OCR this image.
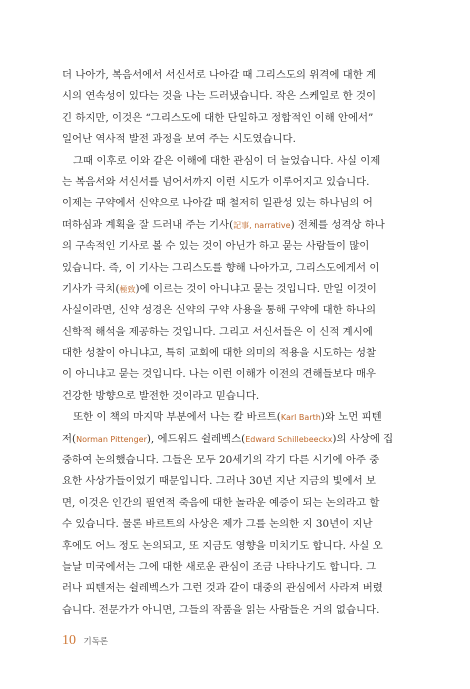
더 나아가, 복음서에서 서신서로 나아갈 때 그리스도의 위격에 대한 계
시의 연속성이 있다는 것을 나는 드러냈습니다. 작은 스케일로 한 것이
긴 하지만, 이것은 “그리스도에 대한 단일하고 정합적인 이해 안에서”
일어난 역사적 발전 과정을 보여 주는 시도였습니다.
그때 이후로 이와 같은 이해에 대한 관심이 더 늘었습니다. 사실 이제
는 복음서와 서신서를 넘어서까지 이런 시도가 이루어지고 있습니다.
이제는 구약에서 신약으로 나아갈 때 철저히 일관성 있는 하나님의 어
떠하심과 계획을 잘 드러내 주는 기사(記事, narrative) 전체를 성격상 하나
의 구속적인 기사로 볼 수 있는 것이 아닌가 하고 묻는 사람들이 많이
있습니다. 즉, 이 기사는 그리스도를 향해 나아가고, 그리스도에게서 이
기사가 극치(極致)에 이르는 것이 아니냐고 묻는 것입니다. 만일 이것이
사실이라면, 신약 성경은 신약의 구약 사용을 통해 구약에 대한 하나의
신학적 해석을 제공하는 것입니다. 그리고 서신서들은 이 신적 계시에
대한 성찰이 아니냐고, 특히 교회에 대한 의미의 적용을 시도하는 성찰
이 아니냐고 묻는 것입니다. 나는 이런 이해가 이전의 견해들보다 매우
건강한 방향으로 발전한 것이라고 믿습니다.
또한 이 책의 마지막 부분에서 나는 칼 바르트(Karl Barth)와 노먼 피텐
저(Norman Pittenger), 에드워드 쉴레벡스(Edward Schillebeeckx)의 사상에 집
중하여 논의했습니다. 그들은 모두 20세기의 각기 다른 시기에 아주 중
요한 사상가들이었기 때문입니다. 그러나 30년 지난 지금의 빛에서 보
면, 이것은 인간의 필연적 죽음에 대한 놀라운 예증이 되는 논의라고 할
수 있습니다. 물론 바르트의 사상은 제가 그를 논의한 지 30년이 지난
후에도 어느 정도 논의되고, 또 지금도 영향을 미치기도 합니다. 사실 오
늘날 미국에서는 그에 대한 새로운 관심이 조금 나타나기도 합니다. 그
러나 피텐저는 쉴레벡스가 그런 것과 같이 대중의 관심에서 사라져 버렸
습니다. 전문가가 아니면, 그들의 작품을 읽는 사람들은 거의 없습니다.
10 기독론
